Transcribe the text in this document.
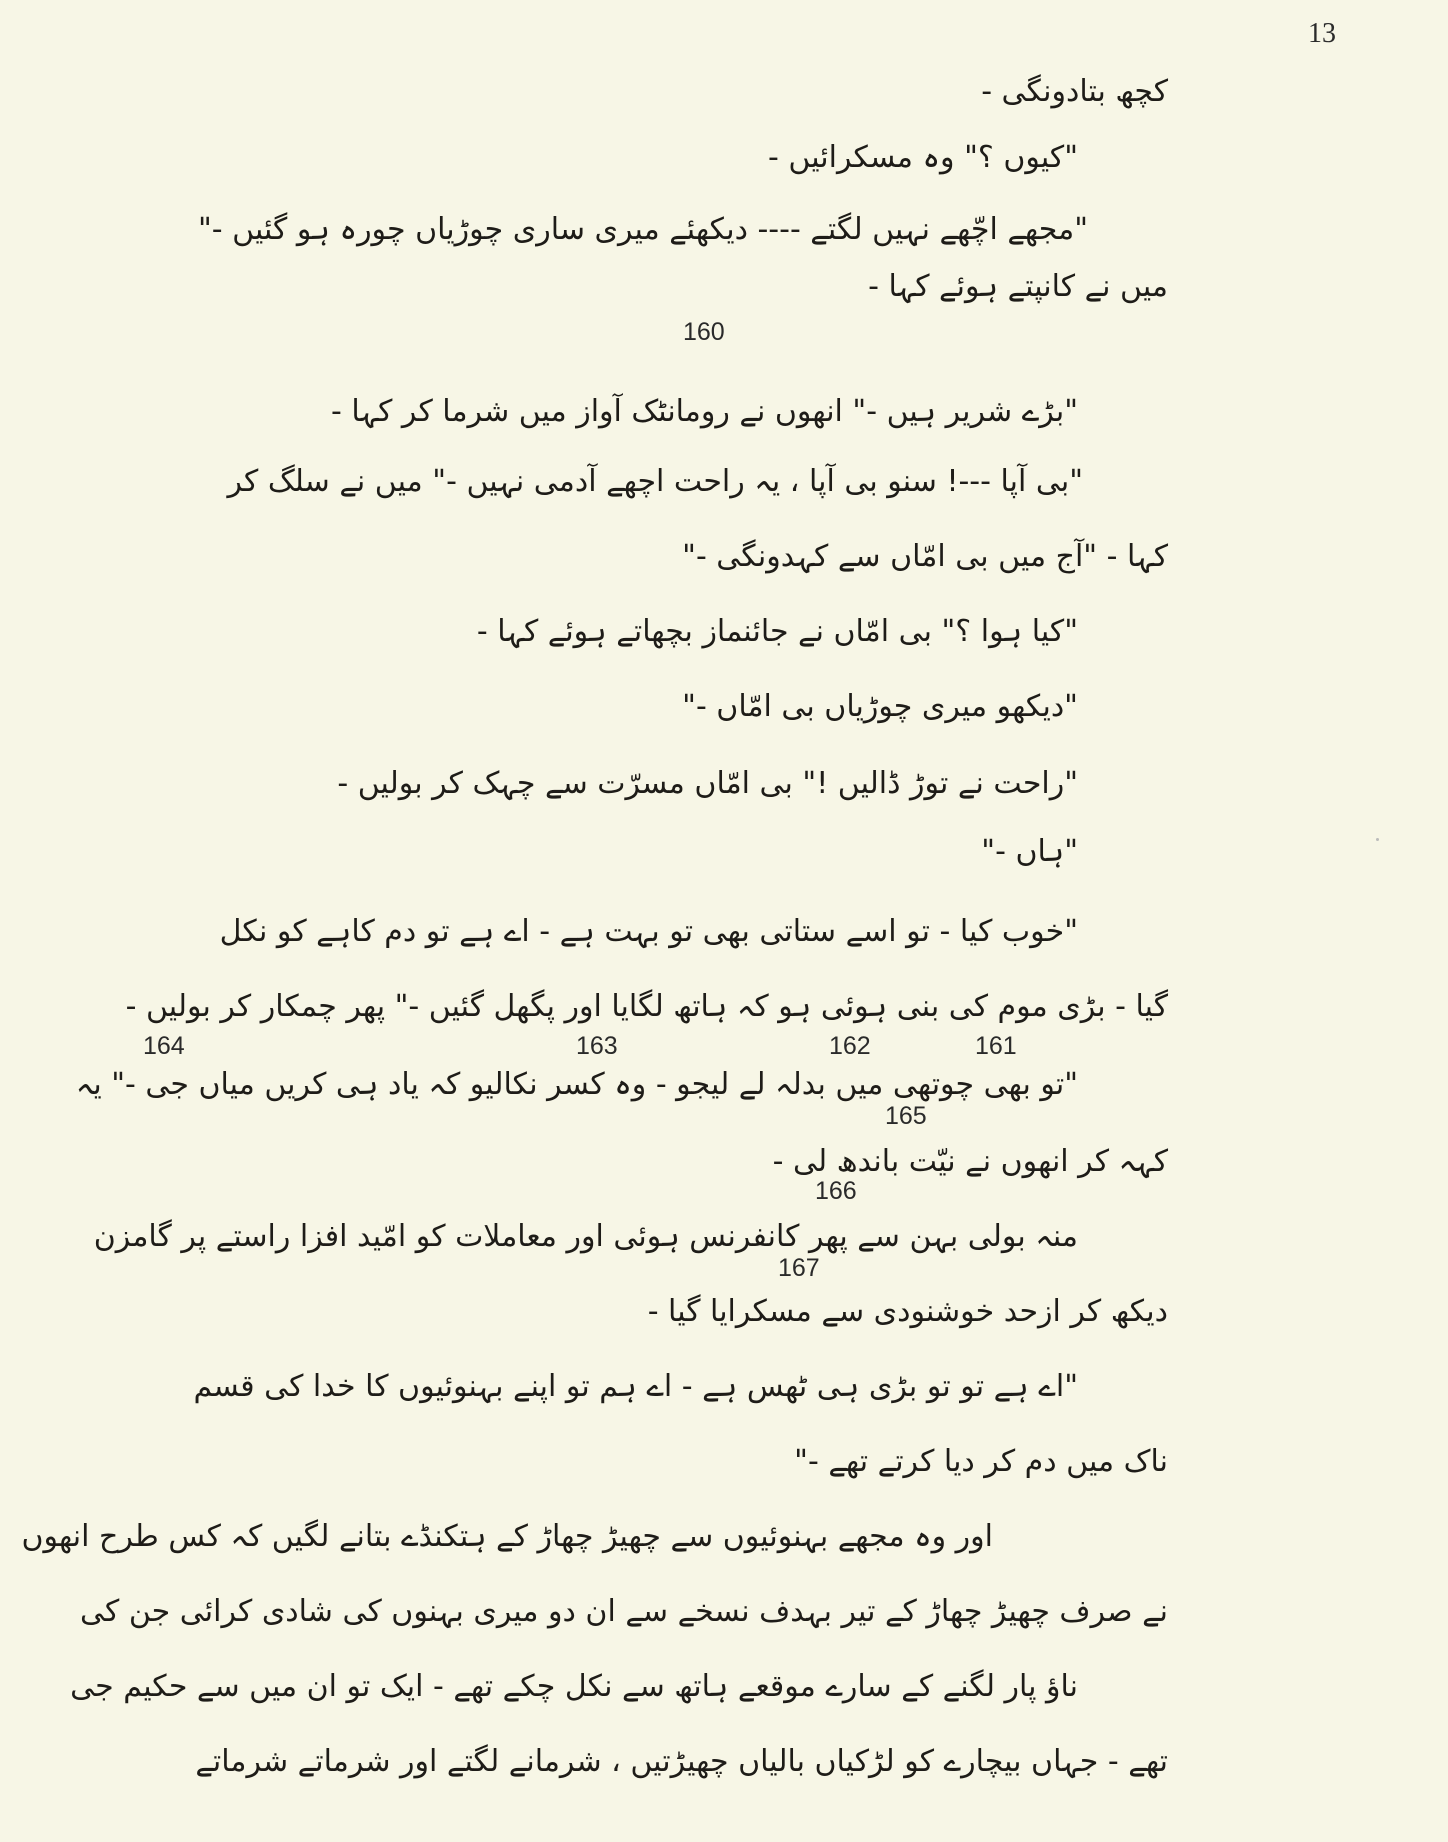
13
کچھ بتادونگی -
"کیوں ؟" وہ مسکرائیں -
"مجھے اچّھے نہیں لگتے ---- دیکھئے میری ساری چوڑیاں چورہ ہو گئیں -"
میں نے کانپتے ہوئے کہا -
"بڑے شریر ہیں -" انھوں نے رومانٹک آواز میں شرما کر کہا -
"بی آپا ---! سنو بی آپا ، یہ راحت اچھے آدمی نہیں -" میں نے سلگ کر
کہا - "آج میں بی امّاں سے کہدونگی -"
"کیا ہوا ؟" بی امّاں نے جائنماز بچھاتے ہوئے کہا -
"دیکھو میری چوڑیاں بی امّاں -"
"راحت نے توڑ ڈالیں !" بی امّاں مسرّت سے چہک کر بولیں -
"ہاں -"
"خوب کیا - تو اسے ستاتی بھی تو بہت ہے - اے ہے تو دم کاہے کو نکل
گیا - بڑی موم کی بنی ہوئی ہو کہ ہاتھ لگایا اور پگھل گئیں -" پھر چمکار کر بولیں -
"تو بھی چوتھی میں بدلہ لے لیجو - وہ کسر نکالیو کہ یاد ہی کریں میاں جی -" یہ
کہہ کر انھوں نے نیّت باندھ لی -
منہ بولی بہن سے پھر کانفرنس ہوئی اور معاملات کو امّید افزا راستے پر گامزن
دیکھ کر ازحد خوشنودی سے مسکرایا گیا -
"اے ہے تو تو بڑی ہی ٹھس ہے - اے ہم تو اپنے بہنوئیوں کا خدا کی قسم
ناک میں دم کر دیا کرتے تھے -"
اور وہ مجھے بہنوئیوں سے چھیڑ چھاڑ کے ہتکنڈے بتانے لگیں کہ کس طرح انھوں
نے صرف چھیڑ چھاڑ کے تیر بہدف نسخے سے ان دو میری بہنوں کی شادی کرائی جن کی
ناؤ پار لگنے کے سارے موقعے ہاتھ سے نکل چکے تھے - ایک تو ان میں سے حکیم جی
تھے - جہاں بیچارے کو لڑکیاں بالیاں چھیڑتیں ، شرمانے لگتے اور شرماتے شرماتے
160
164	163	162	161
165
166
167
